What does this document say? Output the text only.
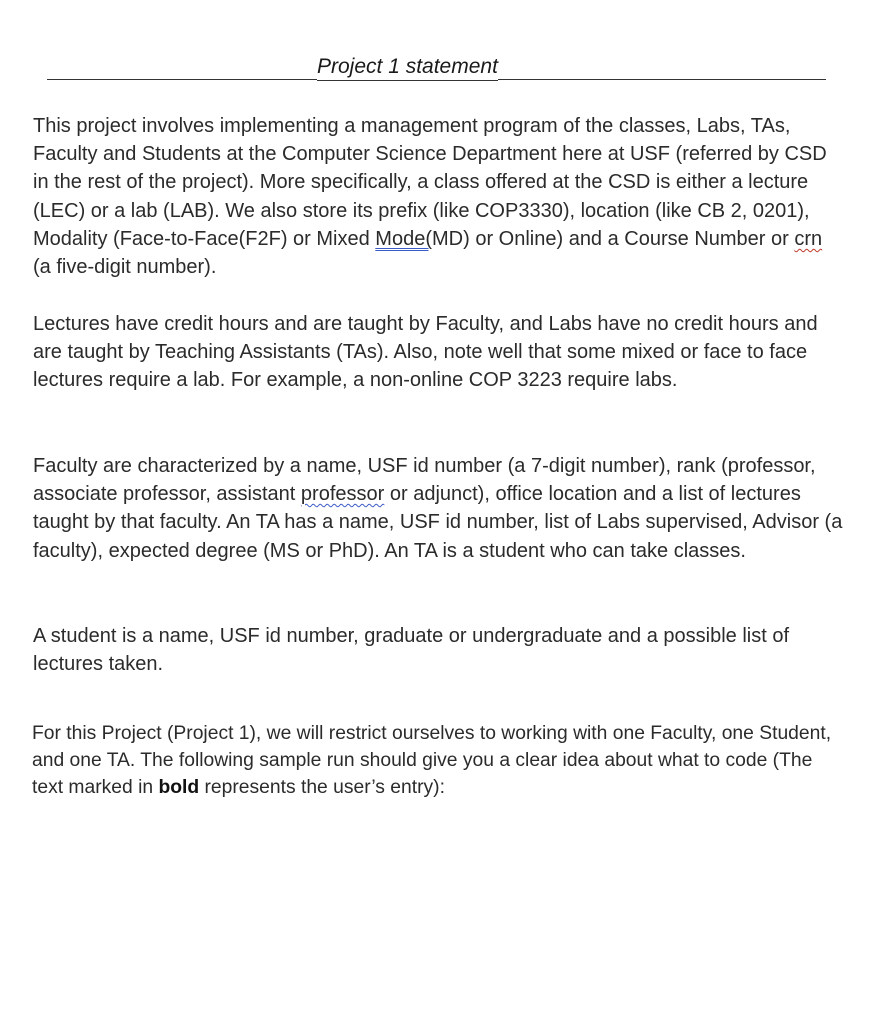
Project 1 statement

This project involves implementing a management program of the classes, Labs, TAs, Faculty and Students at the Computer Science Department here at USF (referred by CSD in the rest of the project). More specifically, a class offered at the CSD is either a lecture (LEC) or a lab (LAB). We also store its prefix (like COP3330), location (like CB 2, 0201), Modality (Face-to-Face(F2F) or Mixed Mode(MD) or Online) and a Course Number or crn (a five-digit number).

Lectures have credit hours and are taught by Faculty, and Labs have no credit hours and are taught by Teaching Assistants (TAs). Also, note well that some mixed or face to face lectures require a lab. For example, a non-online COP 3223 require labs.

Faculty are characterized by a name, USF id number (a 7-digit number), rank (professor, associate professor, assistant professor or adjunct), office location and a list of lectures taught by that faculty. An TA has a name, USF id number, list of Labs supervised, Advisor (a faculty), expected degree (MS or PhD). An TA is a student who can take classes.

A student is a name, USF id number, graduate or undergraduate and a possible list of lectures taken.

For this Project (Project 1), we will restrict ourselves to working with one Faculty, one Student, and one TA. The following sample run should give you a clear idea about what to code (The text marked in bold represents the user’s entry):
